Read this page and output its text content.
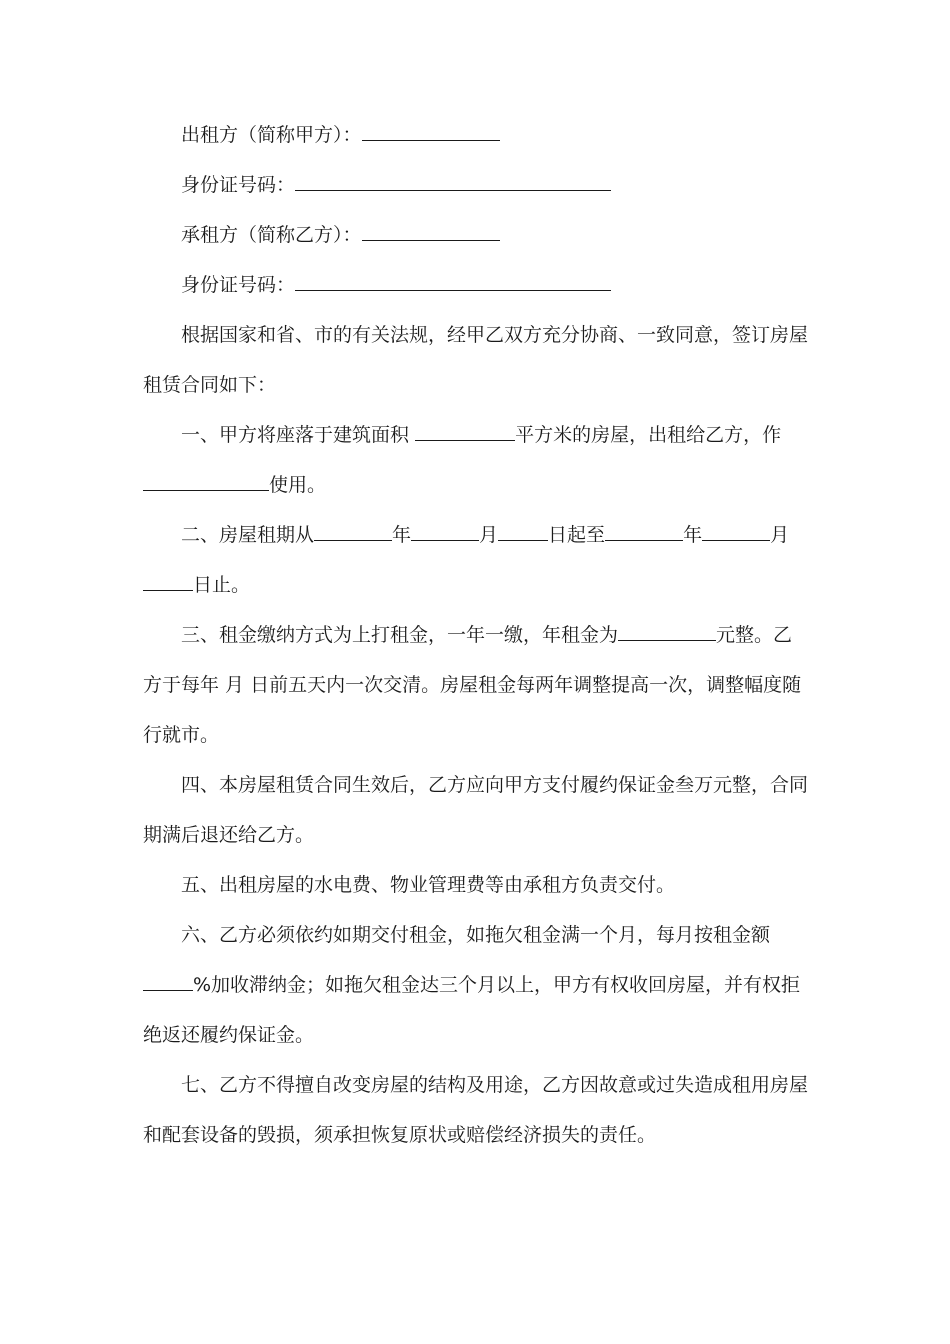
出租方（简称甲方）：
身份证号码：
承租方（简称乙方）：
身份证号码：
根据国家和省、市的有关法规，经甲乙双方充分协商、一致同意，签订房屋
租赁合同如下：
一、甲方将座落于建筑面积	平方米的房屋，出租给乙方，作
使用。
二、房屋租期从	年	月	日起至	年	月
日止。
三、租金缴纳方式为上打租金，一年一缴，年租金为	元整。乙
方于每年 月 日前五天内一次交清。房屋租金每两年调整提高一次，调整幅度随
行就市。
四、本房屋租赁合同生效后，乙方应向甲方支付履约保证金叁万元整，合同
期满后退还给乙方。
五、出租房屋的水电费、物业管理费等由承租方负责交付。
六、乙方必须依约如期交付租金，如拖欠租金满一个月，每月按租金额
%加收滞纳金；如拖欠租金达三个月以上，甲方有权收回房屋，并有权拒
绝返还履约保证金。
七、乙方不得擅自改变房屋的结构及用途，乙方因故意或过失造成租用房屋
和配套设备的毁损，须承担恢复原状或赔偿经济损失的责任。
